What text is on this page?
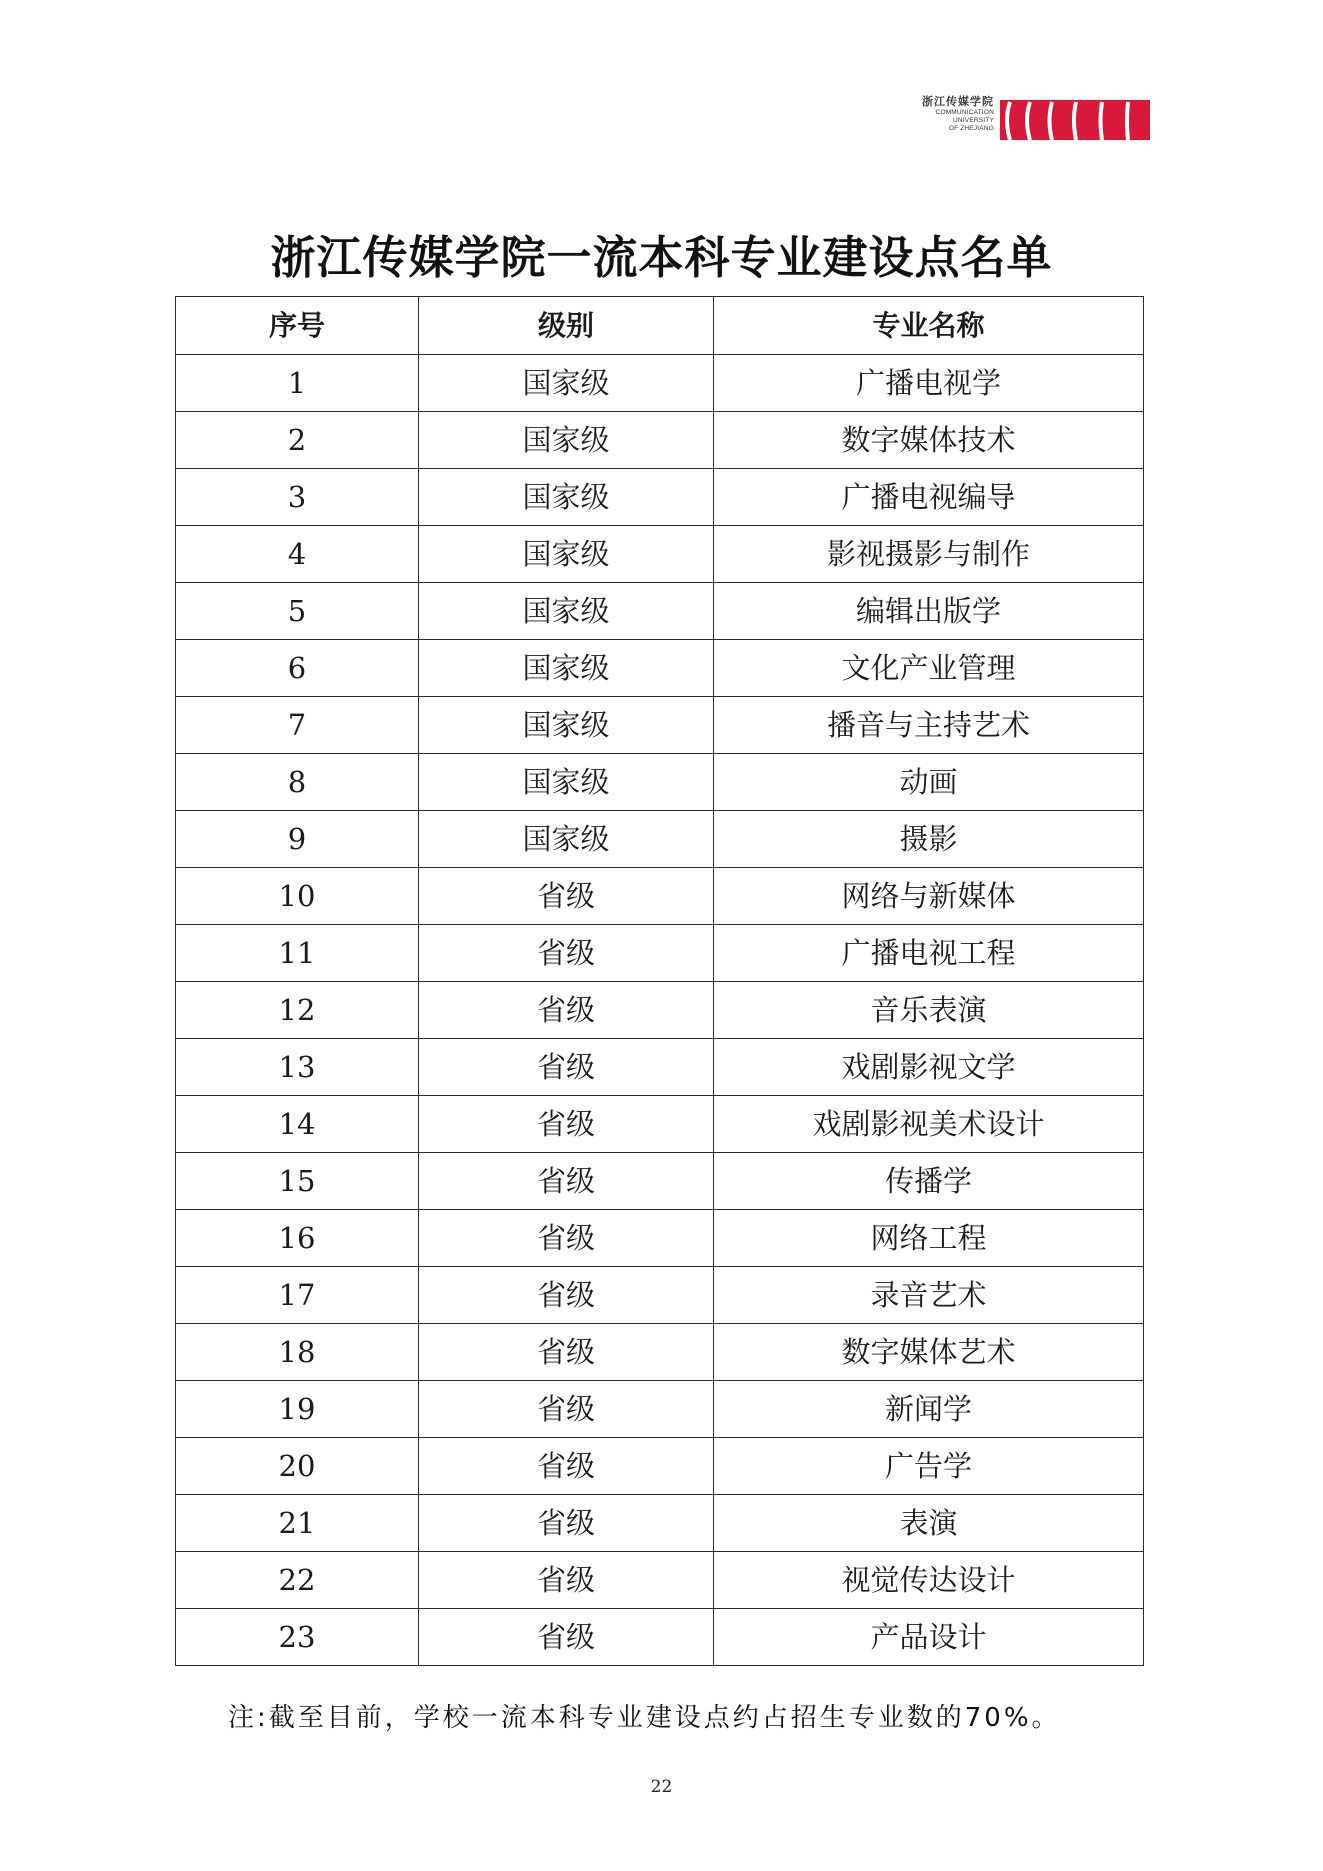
浙江传媒学院
COMMUNICATION
UNIVERSITY
OF ZHEJIANG
浙江传媒学院一流本科专业建设点名单
序号	级别	专业名称
1	国家级	广播电视学
2	国家级	数字媒体技术
3	国家级	广播电视编导
4	国家级	影视摄影与制作
5	国家级	编辑出版学
6	国家级	文化产业管理
7	国家级	播音与主持艺术
8	国家级	动画
9	国家级	摄影
10	省级	网络与新媒体
11	省级	广播电视工程
12	省级	音乐表演
13	省级	戏剧影视文学
14	省级	戏剧影视美术设计
15	省级	传播学
16	省级	网络工程
17	省级	录音艺术
18	省级	数字媒体艺术
19	省级	新闻学
20	省级	广告学
21	省级	表演
22	省级	视觉传达设计
23	省级	产品设计
注:截至目前，学校一流本科专业建设点约占招生专业数的70%。
22
